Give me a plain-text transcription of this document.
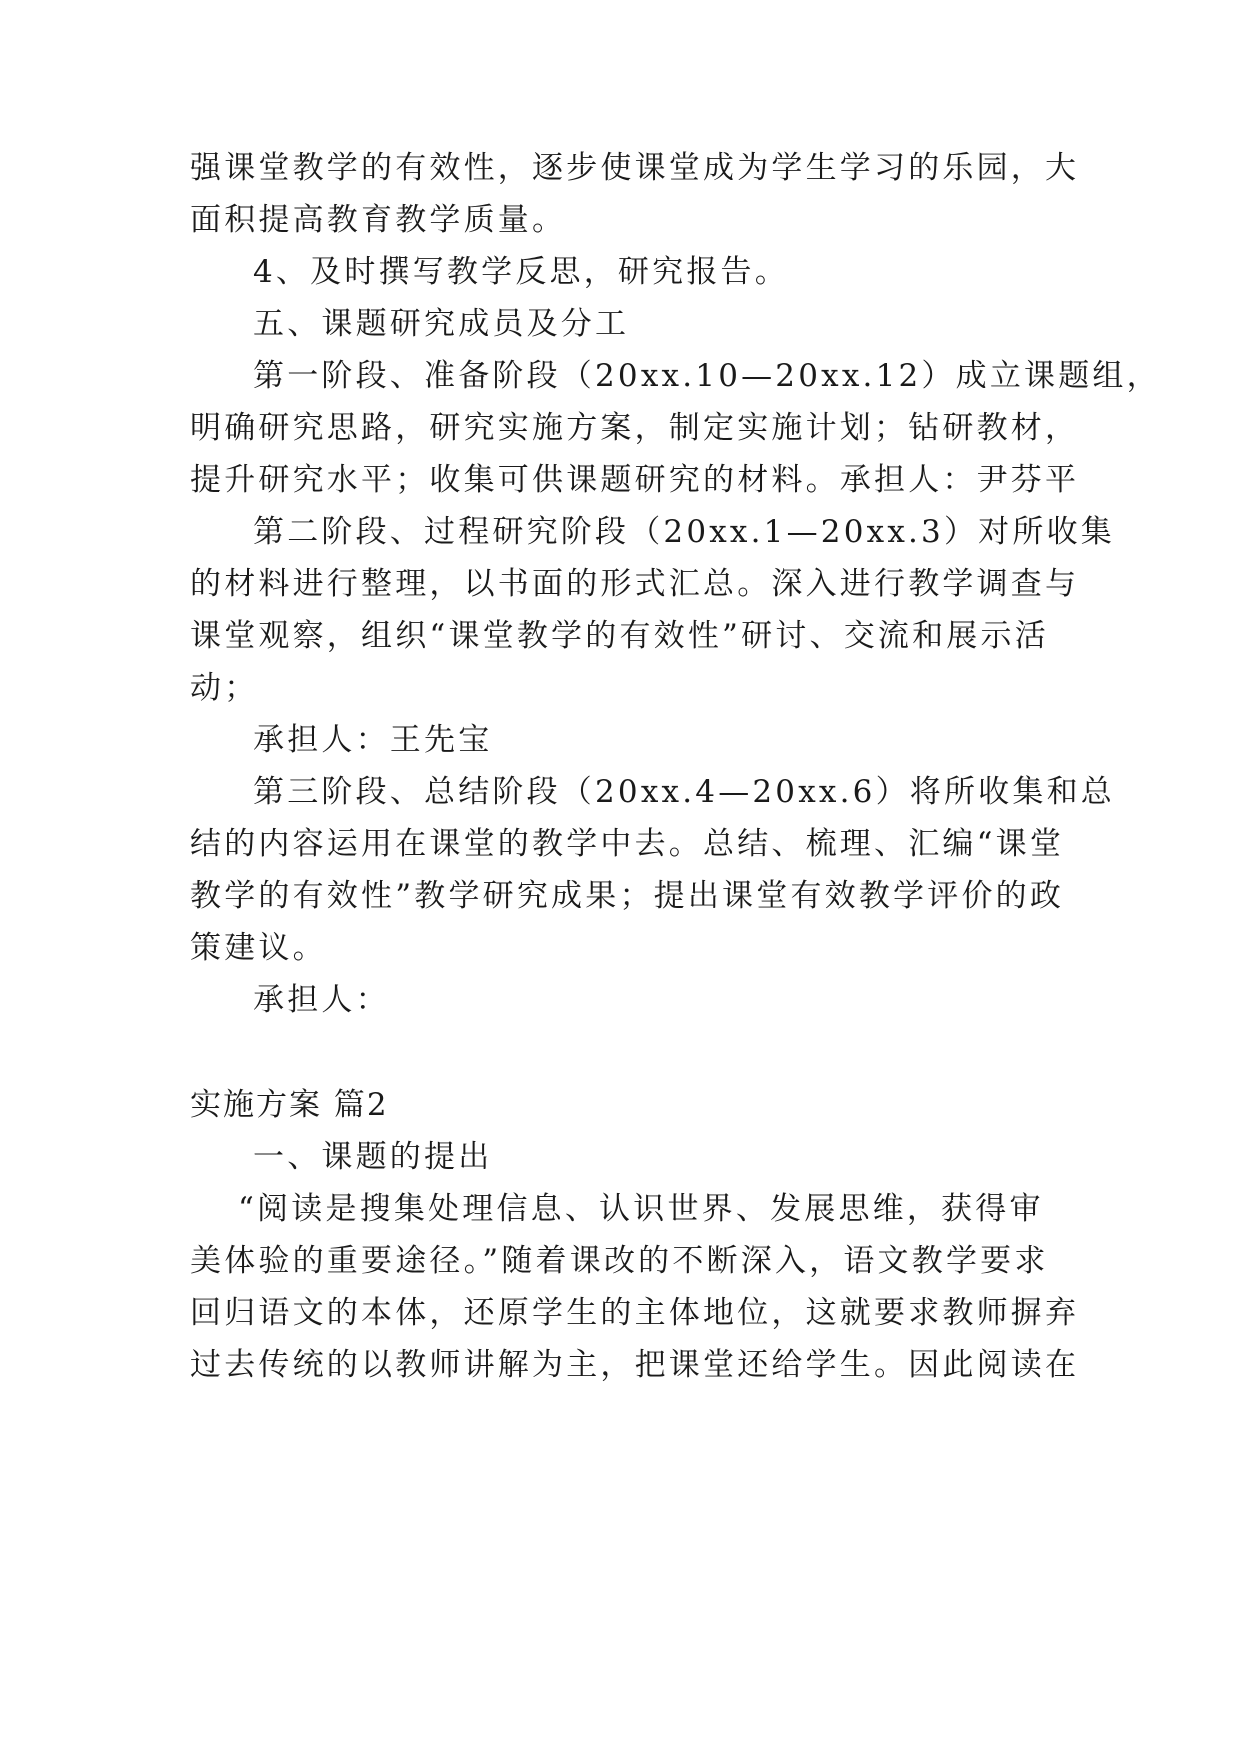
强课堂教学的有效性，逐步使课堂成为学生学习的乐园，大
面积提高教育教学质量。
4、及时撰写教学反思，研究报告。
五、课题研究成员及分工
第一阶段、准备阶段（20xx.10—20xx.12）成立课题组，
明确研究思路，研究实施方案，制定实施计划；钻研教材，
提升研究水平；收集可供课题研究的材料。承担人：尹芬平
第二阶段、过程研究阶段（20xx.1—20xx.3）对所收集
的材料进行整理，以书面的形式汇总。深入进行教学调查与
课堂观察，组织“课堂教学的有效性”研讨、交流和展示活
动；
承担人：王先宝
第三阶段、总结阶段（20xx.4—20xx.6）将所收集和总
结的内容运用在课堂的教学中去。总结、梳理、汇编“课堂
教学的有效性”教学研究成果；提出课堂有效教学评价的政
策建议。
承担人：
实施方案 篇2
一、课题的提出
“阅读是搜集处理信息、认识世界、发展思维，获得审
美体验的重要途径。”随着课改的不断深入，语文教学要求
回归语文的本体，还原学生的主体地位，这就要求教师摒弃
过去传统的以教师讲解为主，把课堂还给学生。因此阅读在
